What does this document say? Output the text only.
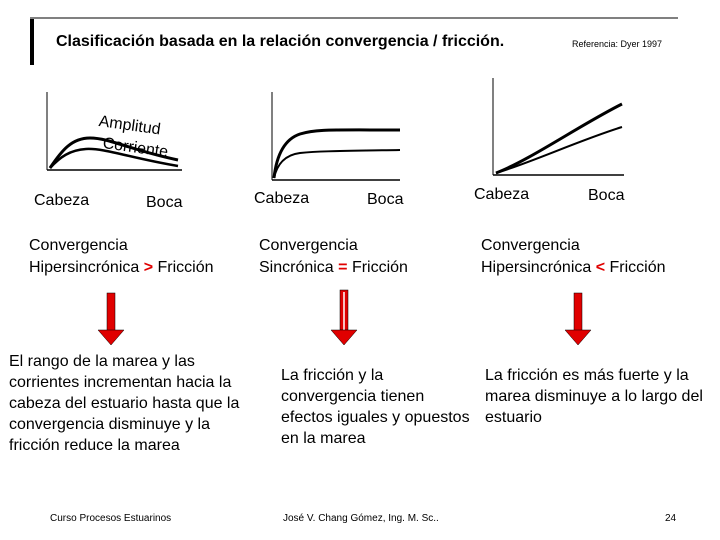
Clasificación basada en la relación convergencia / fricción.	Referencia: Dyer 1997
Amplitud
Corriente
Cabeza	Boca	Cabeza	Boca	Cabeza	Boca
Convergencia
Hipersincrónica > Fricción
Convergencia
Sincrónica = Fricción
Convergencia
Hipersincrónica < Fricción
El rango de la marea y las corrientes incrementan hacia la cabeza del estuario hasta que la convergencia disminuye y la fricción reduce la marea
La fricción y la convergencia tienen efectos iguales y opuestos en la marea
La fricción es más fuerte y la marea disminuye a lo largo del estuario
Curso Procesos Estuarinos	José V. Chang Gómez, Ing. M. Sc..	24
